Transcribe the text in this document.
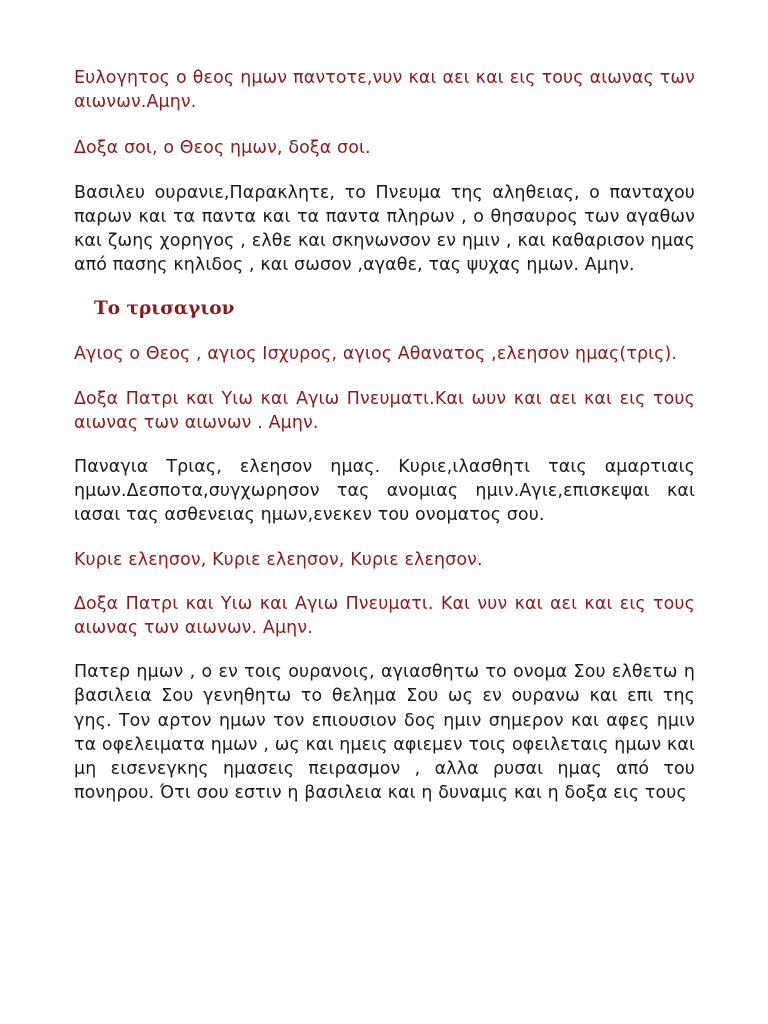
Ευλογητος ο θεος ημων παντοτε,νυν και αει και εις τους αιωνας των αιωνων.Αμην.

Δοξα σοι, ο Θεος ημων, δοξα σοι.

Βασιλευ ουρανιε,Παρακλητε, το Πνευμα της αληθειας, ο πανταχου παρων και τα παντα και τα παντα πληρων , ο θησαυρος των αγαθων και ζωης χορηγος , ελθε και σκηνωνσον εν ημιν , και καθαρισον ημας από πασης κηλιδος , και σωσον ,αγαθε, τας ψυχας ημων. Αμην.

Το τρισαγιον

Αγιος ο Θεος , αγιος Ισχυρος, αγιος Αθανατος ,ελεησον ημας(τρις).

Δοξα Πατρι και Υιω και Αγιω Πνευματι.Και ωυν και αει και εις τους αιωνας των αιωνων . Αμην.

Παναγια Τριας, ελεησον ημας. Κυριε,ιλασθητι ταις αμαρτιαις ημων.Δεσποτα,συγχωρησον τας ανομιας ημιν.Αγιε,επισκεψαι και ιασαι τας ασθενειας ημων,ενεκεν του ονοματος σου.

Κυριε ελεησον, Κυριε ελεησον, Κυριε ελεησον.

Δοξα Πατρι και Υιω και Αγιω Πνευματι. Και νυν και αει και εις τους αιωνας των αιωνων. Αμην.

Πατερ ημων , ο εν τοις ουρανοις, αγιασθητω το ονομα Σου ελθετω η βασιλεια Σου γενηθητω το θελημα Σου ως εν ουρανω και επι της γης. Τον αρτον ημων τον επιουσιον δος ημιν σημερον και αφες ημιν τα οφελειματα ημων , ως και ημεις αφιεμεν τοις οφειλεταις ημων και μη εισενεγκης ημασεις πειρασμον , αλλα ρυσαι ημας από του πονηρου. Ότι σου εστιν η βασιλεια και η δυναμις και η δοξα εις τους
